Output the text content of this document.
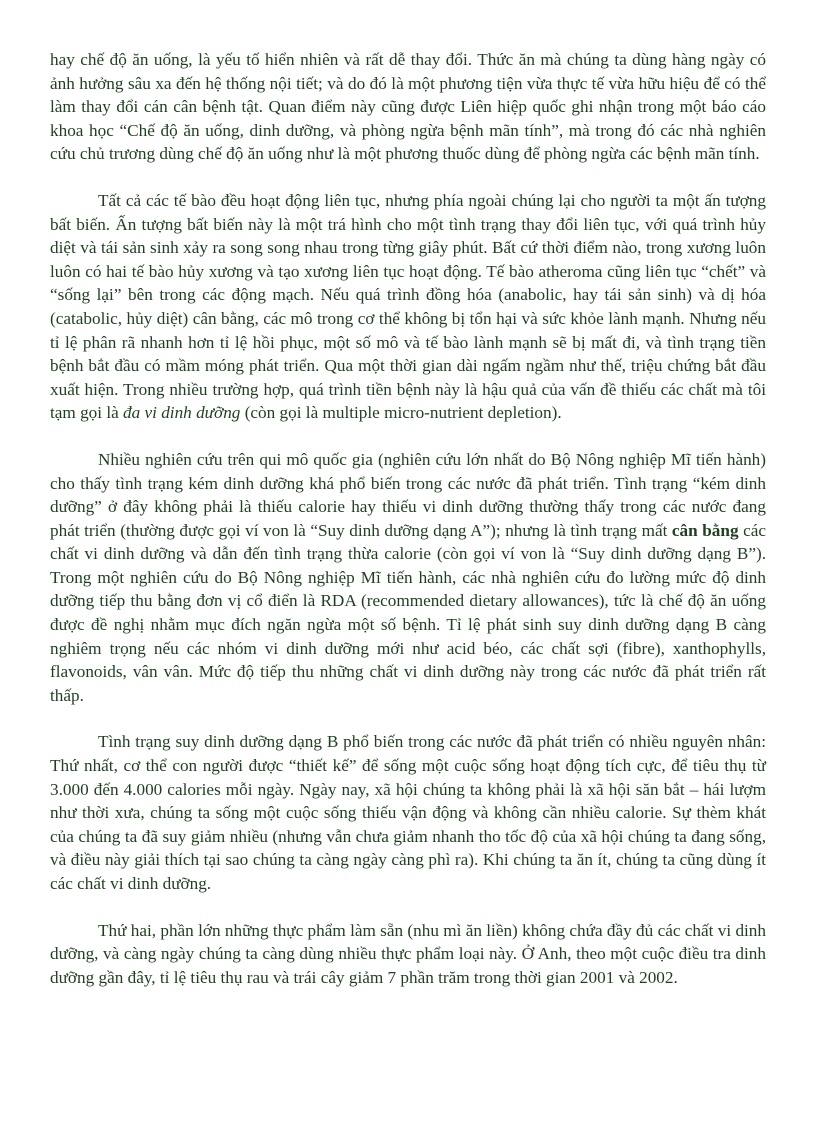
hay chế độ ăn uống, là yếu tố hiển nhiên và rất dễ thay đổi. Thức ăn mà chúng ta dùng hàng ngày có ảnh hưởng sâu xa đến hệ thống nội tiết; và do đó là một phương tiện vừa thực tế vừa hữu hiệu để có thể làm thay đổi cán cân bệnh tật. Quan điểm này cũng được Liên hiệp quốc ghi nhận trong một báo cáo khoa học “Chế độ ăn uống, dinh dưỡng, và phòng ngừa bệnh mãn tính”, mà trong đó các nhà nghiên cứu chủ trương dùng chế độ ăn uống như là một phương thuốc dùng để phòng ngừa các bệnh mãn tính.

Tất cả các tế bào đều hoạt động liên tục, nhưng phía ngoài chúng lại cho người ta một ấn tượng bất biến. Ấn tượng bất biến này là một trá hình cho một tình trạng thay đổi liên tục, với quá trình hủy diệt và tái sản sinh xảy ra song song nhau trong từng giây phút. Bất cứ thời điểm nào, trong xương luôn luôn có hai tế bào hủy xương và tạo xương liên tục hoạt động. Tế bào atheroma cũng liên tục “chết” và “sống lại” bên trong các động mạch. Nếu quá trình đồng hóa (anabolic, hay tái sản sinh) và dị hóa (catabolic, hủy diệt) cân bằng, các mô trong cơ thể không bị tổn hại và sức khỏe lành mạnh. Nhưng nếu tỉ lệ phân rã nhanh hơn tỉ lệ hồi phục, một số mô và tế bào lành mạnh sẽ bị mất đi, và tình trạng tiền bệnh bắt đầu có mầm móng phát triển. Qua một thời gian dài ngấm ngầm như thế, triệu chứng bắt đầu xuất hiện. Trong nhiều trường hợp, quá trình tiền bệnh này là hậu quả của vấn đề thiếu các chất mà tôi tạm gọi là đa vi dinh dưỡng (còn gọi là multiple micro-nutrient depletion).

Nhiều nghiên cứu trên qui mô quốc gia (nghiên cứu lớn nhất do Bộ Nông nghiệp Mĩ tiến hành) cho thấy tình trạng kém dinh dưỡng khá phổ biến trong các nước đã phát triển. Tình trạng “kém dinh dưỡng” ở đây không phải là thiếu calorie hay thiếu vi dinh dưỡng thường thấy trong các nước đang phát triển (thường được gọi ví von là “Suy dinh dưỡng dạng A”); nhưng là tình trạng mất cân bằng các chất vi dinh dưỡng và dẫn đến tình trạng thừa calorie (còn gọi ví von là “Suy dinh dưỡng dạng B”). Trong một nghiên cứu do Bộ Nông nghiệp Mĩ tiến hành, các nhà nghiên cứu đo lường mức độ dinh dưỡng tiếp thu bằng đơn vị cổ điển là RDA (recommended dietary allowances), tức là chế độ ăn uống được đề nghị nhằm mục đích ngăn ngừa một số bệnh. Tỉ lệ phát sinh suy dinh dưỡng dạng B càng nghiêm trọng nếu các nhóm vi dinh dưỡng mới như acid béo, các chất sợi (fibre), xanthophylls, flavonoids, vân vân. Mức độ tiếp thu những chất vi dinh dưỡng này trong các nước đã phát triển rất thấp.

Tình trạng suy dinh dưỡng dạng B phổ biến trong các nước đã phát triển có nhiều nguyên nhân: Thứ nhất, cơ thể con người được “thiết kế” để sống một cuộc sống hoạt động tích cực, để tiêu thụ từ 3.000 đến 4.000 calories mỗi ngày. Ngày nay, xã hội chúng ta không phải là xã hội săn bắt – hái lượm như thời xưa, chúng ta sống một cuộc sống thiếu vận động và không cần nhiều calorie. Sự thèm khát của chúng ta đã suy giảm nhiều (nhưng vẫn chưa giảm nhanh tho tốc độ của xã hội chúng ta đang sống, và điều này giải thích tại sao chúng ta càng ngày càng phì ra). Khi chúng ta ăn ít, chúng ta cũng dùng ít các chất vi dinh dưỡng.

Thứ hai, phần lớn những thực phẩm làm sẵn (nhu mì ăn liền) không chứa đầy đủ các chất vi dinh dưỡng, và càng ngày chúng ta càng dùng nhiều thực phẩm loại này. Ở Anh, theo một cuộc điều tra dinh dưỡng gần đây, tỉ lệ tiêu thụ rau và trái cây giảm 7 phần trăm trong thời gian 2001 và 2002.
